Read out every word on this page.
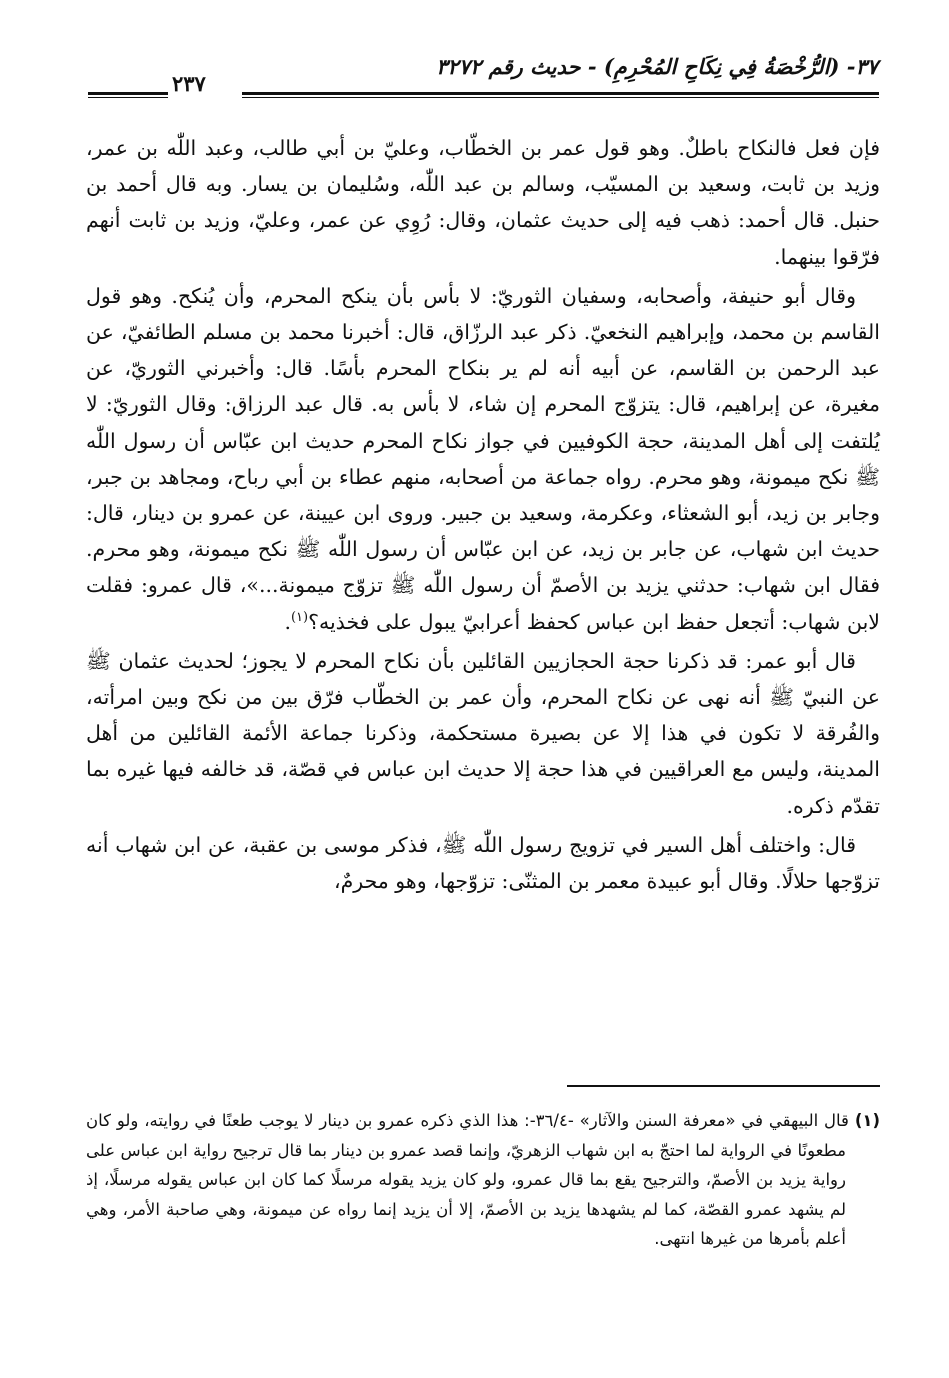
٣٧- (الرُّخْصَةُ فِي نِكَاحِ المُحْرِمِ) - حديث رقم ٣٢٧٢
٢٣٧

فإن فعل فالنكاح باطلٌ. وهو قول عمر بن الخطّاب، وعليّ بن أبي طالب، وعبد اللّٰه بن عمر، وزيد بن ثابت، وسعيد بن المسيّب، وسالم بن عبد اللّٰه، وسُليمان بن يسار. وبه قال أحمد بن حنبل. قال أحمد: ذهب فيه إلى حديث عثمان، وقال: رُوِي عن عمر، وعليّ، وزيد بن ثابت أنهم فرّقوا بينهما.

وقال أبو حنيفة، وأصحابه، وسفيان الثوريّ: لا بأس بأن ينكح المحرم، وأن يُنكح. وهو قول القاسم بن محمد، وإبراهيم النخعيّ. ذكر عبد الرزّاق، قال: أخبرنا محمد بن مسلم الطائفيّ، عن عبد الرحمن بن القاسم، عن أبيه أنه لم ير بنكاح المحرم بأسًا. قال: وأخبرني الثوريّ، عن مغيرة، عن إبراهيم، قال: يتزوّج المحرم إن شاء، لا بأس به. قال عبد الرزاق: وقال الثوريّ: لا يُلتفت إلى أهل المدينة، حجة الكوفيين في جواز نكاح المحرم حديث ابن عبّاس أن رسول اللّٰه ﷺ نكح ميمونة، وهو محرم. رواه جماعة من أصحابه، منهم عطاء بن أبي رباح، ومجاهد بن جبر، وجابر بن زيد، أبو الشعثاء، وعكرمة، وسعيد بن جبير. وروى ابن عيينة، عن عمرو بن دينار، قال: حديث ابن شهاب، عن جابر بن زيد، عن ابن عبّاس أن رسول اللّٰه ﷺ نكح ميمونة، وهو محرم. فقال ابن شهاب: حدثني يزيد بن الأصمّ أن رسول اللّٰه ﷺ تزوّج ميمونة...»، قال عمرو: فقلت لابن شهاب: أتجعل حفظ ابن عباس كحفظ أعرابيّ يبول على فخذيه؟$^{(١)}$.

قال أبو عمر: قد ذكرنا حجة الحجازيين القائلين بأن نكاح المحرم لا يجوز؛ لحديث عثمان ﷺ عن النبيّ ﷺ أنه نهى عن نكاح المحرم، وأن عمر بن الخطّاب فرّق بين من نكح وبين امرأته، والفُرقة لا تكون في هذا إلا عن بصيرة مستحكمة، وذكرنا جماعة الأئمة القائلين من أهل المدينة، وليس مع العراقيين في هذا حجة إلا حديث ابن عباس في قصّة، قد خالفه فيها غيره بما تقدّم ذكره.

قال: واختلف أهل السير في تزويج رسول اللّٰه ﷺ، فذكر موسى بن عقبة، عن ابن شهاب أنه تزوّجها حلالًا. وقال أبو عبيدة معمر بن المثنّى: تزوّجها، وهو محرمٌ،

(١) قال البيهقي في «معرفة السنن والآثار» -٣٦/٤-: هذا الذي ذكره عمرو بن دينار لا يوجب طعنًا في روايته، ولو كان مطعونًا في الرواية لما احتجّ به ابن شهاب الزهريّ، وإنما قصد عمرو بن دينار بما قال ترجيح رواية ابن عباس على رواية يزيد بن الأصمّ، والترجيح يقع بما قال عمرو، ولو كان يزيد يقوله مرسلًا كما كان ابن عباس يقوله مرسلًا، إذ لم يشهد عمرو القصّة، كما لم يشهدها يزيد بن الأصمّ، إلا أن يزيد إنما رواه عن ميمونة، وهي صاحبة الأمر، وهي أعلم بأمرها من غيرها انتهى.
